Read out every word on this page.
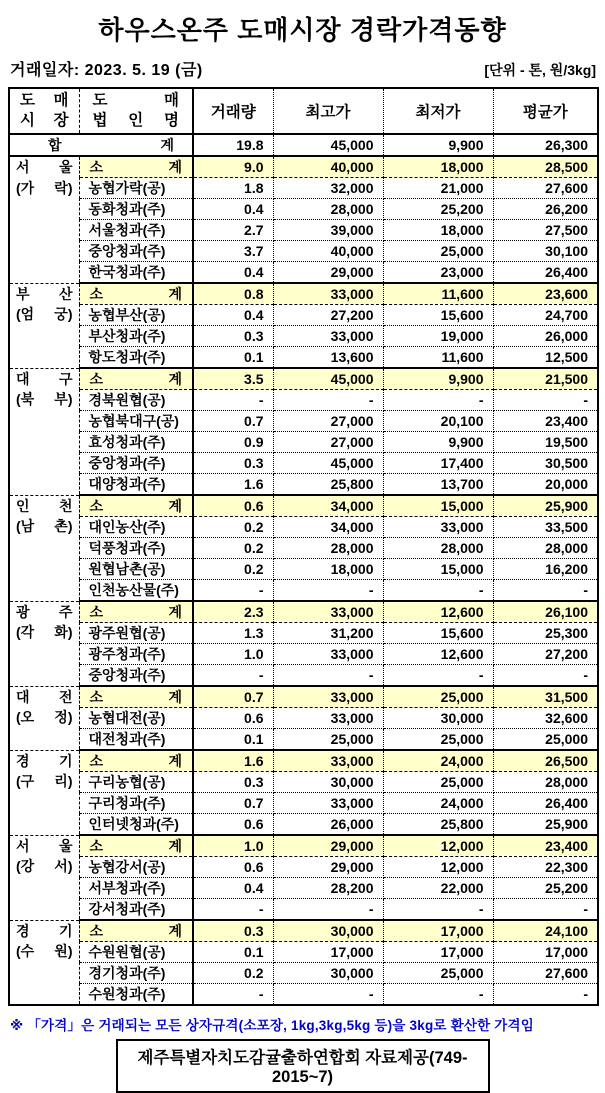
하우스온주 도매시장 경락가격동향
거래일자: 2023. 5. 19 (금)	[단위 - 톤, 원/3kg]
도 매
시 장

도 매
법 인 명	거래량	최고가	최저가	평균가
합 계		19.8	45,000	9,900	26,300

서 울
(가 락)	소 계	9.0	40,000	18,000	28,500
	농협가락(공)	1.8	32,000	21,000	27,600
	동화청과(주)	0.4	28,000	25,200	26,200
	서울청과(주)	2.7	39,000	18,000	27,500
	중앙청과(주)	3.7	40,000	25,000	30,100
	한국청과(주)	0.4	29,000	23,000	26,400

부 산
(엄 궁)	소 계	0.8	33,000	11,600	23,600
	농협부산(공)	0.4	27,200	15,600	24,700
	부산청과(주)	0.3	33,000	19,000	26,000
	항도청과(주)	0.1	13,600	11,600	12,500

대 구
(북 부)	소 계	3.5	45,000	9,900	21,500
	경북원협(공)	-	-	-	-
	농협북대구(공)	0.7	27,000	20,100	23,400
	효성청과(주)	0.9	27,000	9,900	19,500
	중앙청과(주)	0.3	45,000	17,400	30,500
	대양청과(주)	1.6	25,800	13,700	20,000

인 천
(남 촌)	소 계	0.6	34,000	15,000	25,900
	대인농산(주)	0.2	34,000	33,000	33,500
	덕풍청과(주)	0.2	28,000	28,000	28,000
	원협남촌(공)	0.2	18,000	15,000	16,200
	인천농산물(주)	-	-	-	-

광 주
(각 화)	소 계	2.3	33,000	12,600	26,100
	광주원협(공)	1.3	31,200	15,600	25,300
	광주청과(주)	1.0	33,000	12,600	27,200
	중앙청과(주)	-	-	-	-

대 전
(오 정)	소 계	0.7	33,000	25,000	31,500
	농협대전(공)	0.6	33,000	30,000	32,600
	대전청과(주)	0.1	25,000	25,000	25,000

경 기
(구 리)	소 계	1.6	33,000	24,000	26,500
	구리농협(공)	0.3	30,000	25,000	28,000
	구리청과(주)	0.7	33,000	24,000	26,400
	인터넷청과(주)	0.6	26,000	25,800	25,900

서 울
(강 서)	소 계	1.0	29,000	12,000	23,400
	농협강서(공)	0.6	29,000	12,000	22,300
	서부청과(주)	0.4	28,200	22,000	25,200
	강서청과(주)	-	-	-	-

경 기
(수 원)	소 계	0.3	30,000	17,000	24,100
	수원원협(공)	0.1	17,000	17,000	17,000
	경기청과(주)	0.2	30,000	25,000	27,600
	수원청과(주)	-	-	-	-
※ 「가격」은 거래되는 모든 상자규격(소포장, 1kg,3kg,5kg 등)을 3kg로 환산한 가격임
제주특별자치도감귤출하연합회 자료제공(749-2015~7)
